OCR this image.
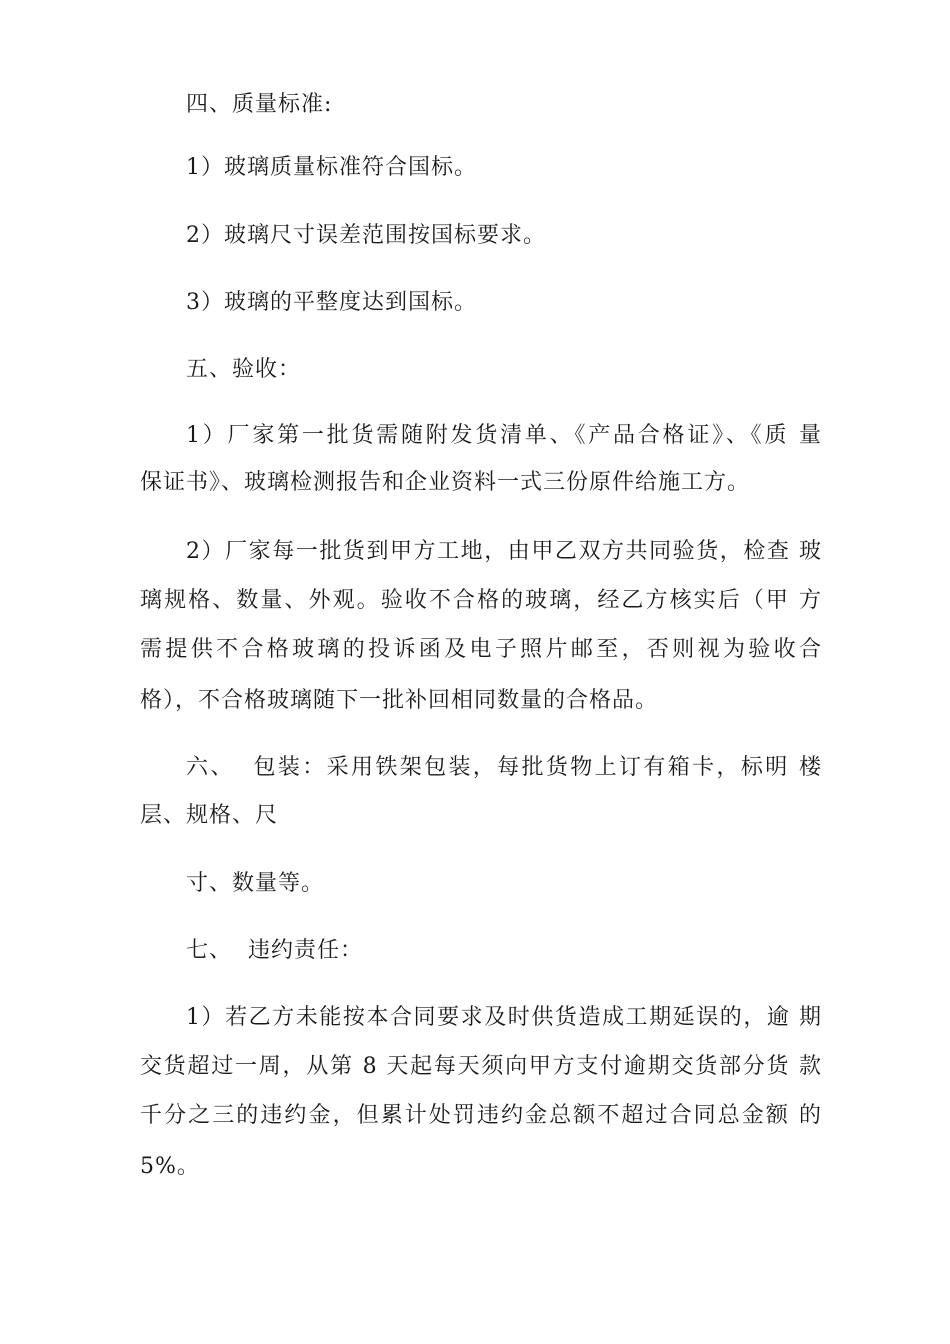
四、质量标准:
1）玻璃质量标准符合国标。
2）玻璃尺寸误差范围按国标要求。
3）玻璃的平整度达到国标。
五、验收：
1）厂家第一批货需随附发货清单、《产品合格证》、《质 量
保证书》、玻璃检测报告和企业资料一式三份原件给施工方。
2）厂家每一批货到甲方工地，由甲乙双方共同验货，检查 玻
璃规格、数量、外观。验收不合格的玻璃，经乙方核实后（甲 方
需提供不合格玻璃的投诉函及电子照片邮至，否则视为验收合
格），不合格玻璃随下一批补回相同数量的合格品。
六、  包装：采用铁架包装，每批货物上订有箱卡，标明 楼
层、规格、尺
寸、数量等。
七、  违约责任：
1）若乙方未能按本合同要求及时供货造成工期延误的，逾 期
交货超过一周，从第 8 天起每天须向甲方支付逾期交货部分货 款
千分之三的违约金，但累计处罚违约金总额不超过合同总金额 的
5%。
